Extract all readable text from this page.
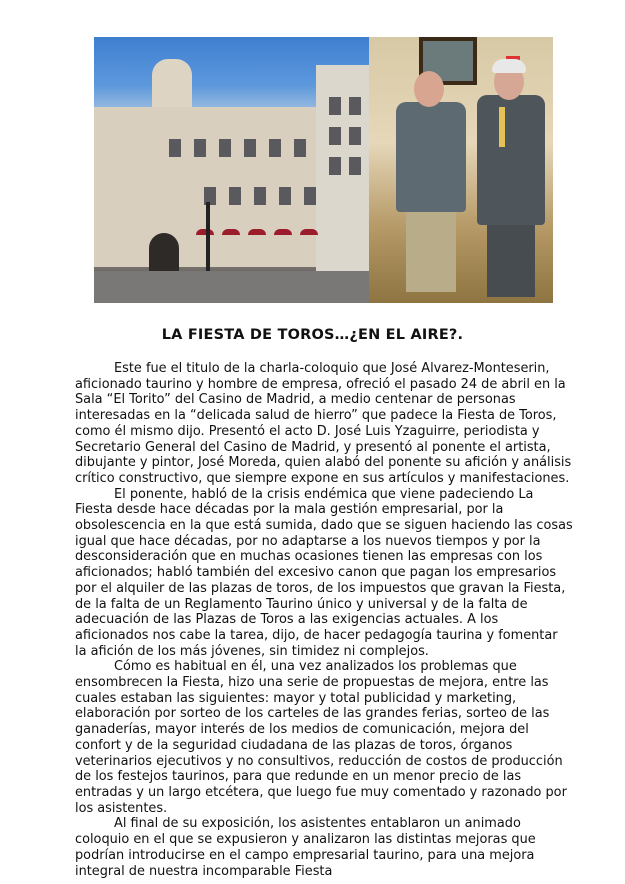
LA FIESTA DE TOROS…¿EN EL AIRE?.

Este fue el titulo de la charla-coloquio que José Alvarez-Monteserin, aficionado taurino y hombre de empresa, ofreció el pasado 24 de abril en la Sala “El Torito” del Casino de Madrid, a medio centenar de personas interesadas en la “delicada salud de hierro” que padece la Fiesta de Toros, como él mismo dijo. Presentó el acto D. José Luis Yzaguirre, periodista y Secretario General del Casino de Madrid, y presentó al ponente el artista, dibujante y pintor, José Moreda, quien alabó del ponente su afición y análisis crítico constructivo, que siempre expone en sus artículos y manifestaciones.

El ponente, habló de la crisis endémica que viene padeciendo La Fiesta desde hace décadas por la mala gestión empresarial, por la obsolescencia en la que está sumida, dado que se siguen haciendo las cosas igual que hace décadas, por no adaptarse a los nuevos tiempos y por la desconsideración que en muchas ocasiones tienen las empresas con los aficionados; habló también del excesivo canon que pagan los empresarios por el alquiler de las plazas de toros, de los impuestos que gravan la Fiesta, de la falta de un Reglamento Taurino único y universal y de la falta de adecuación de las Plazas de Toros a las exigencias actuales. A los aficionados nos cabe la tarea, dijo, de hacer pedagogía taurina y fomentar la afición de los más jóvenes, sin timidez ni complejos.

Cómo es habitual en él, una vez analizados los problemas que ensombrecen la Fiesta, hizo una serie de propuestas de mejora, entre las cuales estaban las siguientes: mayor y total publicidad y marketing, elaboración por sorteo de los carteles de las grandes ferias, sorteo de las ganaderías, mayor interés de los medios de comunicación, mejora del confort y de la seguridad ciudadana de las plazas de toros, órganos veterinarios ejecutivos y no consultivos, reducción de costos de producción de los festejos taurinos, para que redunde en un menor precio de las entradas y un largo etcétera, que luego fue muy comentado y razonado por los asistentes.

Al final de su exposición, los asistentes entablaron un animado coloquio en el que se expusieron y analizaron las distintas mejoras que podrían introducirse en el campo empresarial taurino, para una mejora integral de nuestra incomparable Fiesta
